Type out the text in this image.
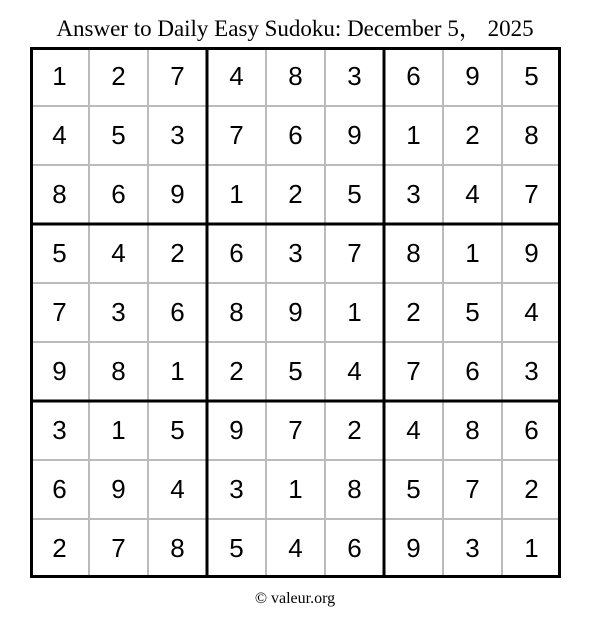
Answer to Daily Easy Sudoku: December 5， 2025
1	2	7	4	8	3	6	9	5
4	5	3	7	6	9	1	2	8
8	6	9	1	2	5	3	4	7
5	4	2	6	3	7	8	1	9
7	3	6	8	9	1	2	5	4
9	8	1	2	5	4	7	6	3
3	1	5	9	7	2	4	8	6
6	9	4	3	1	8	5	7	2
2	7	8	5	4	6	9	3	1
© valeur.org
